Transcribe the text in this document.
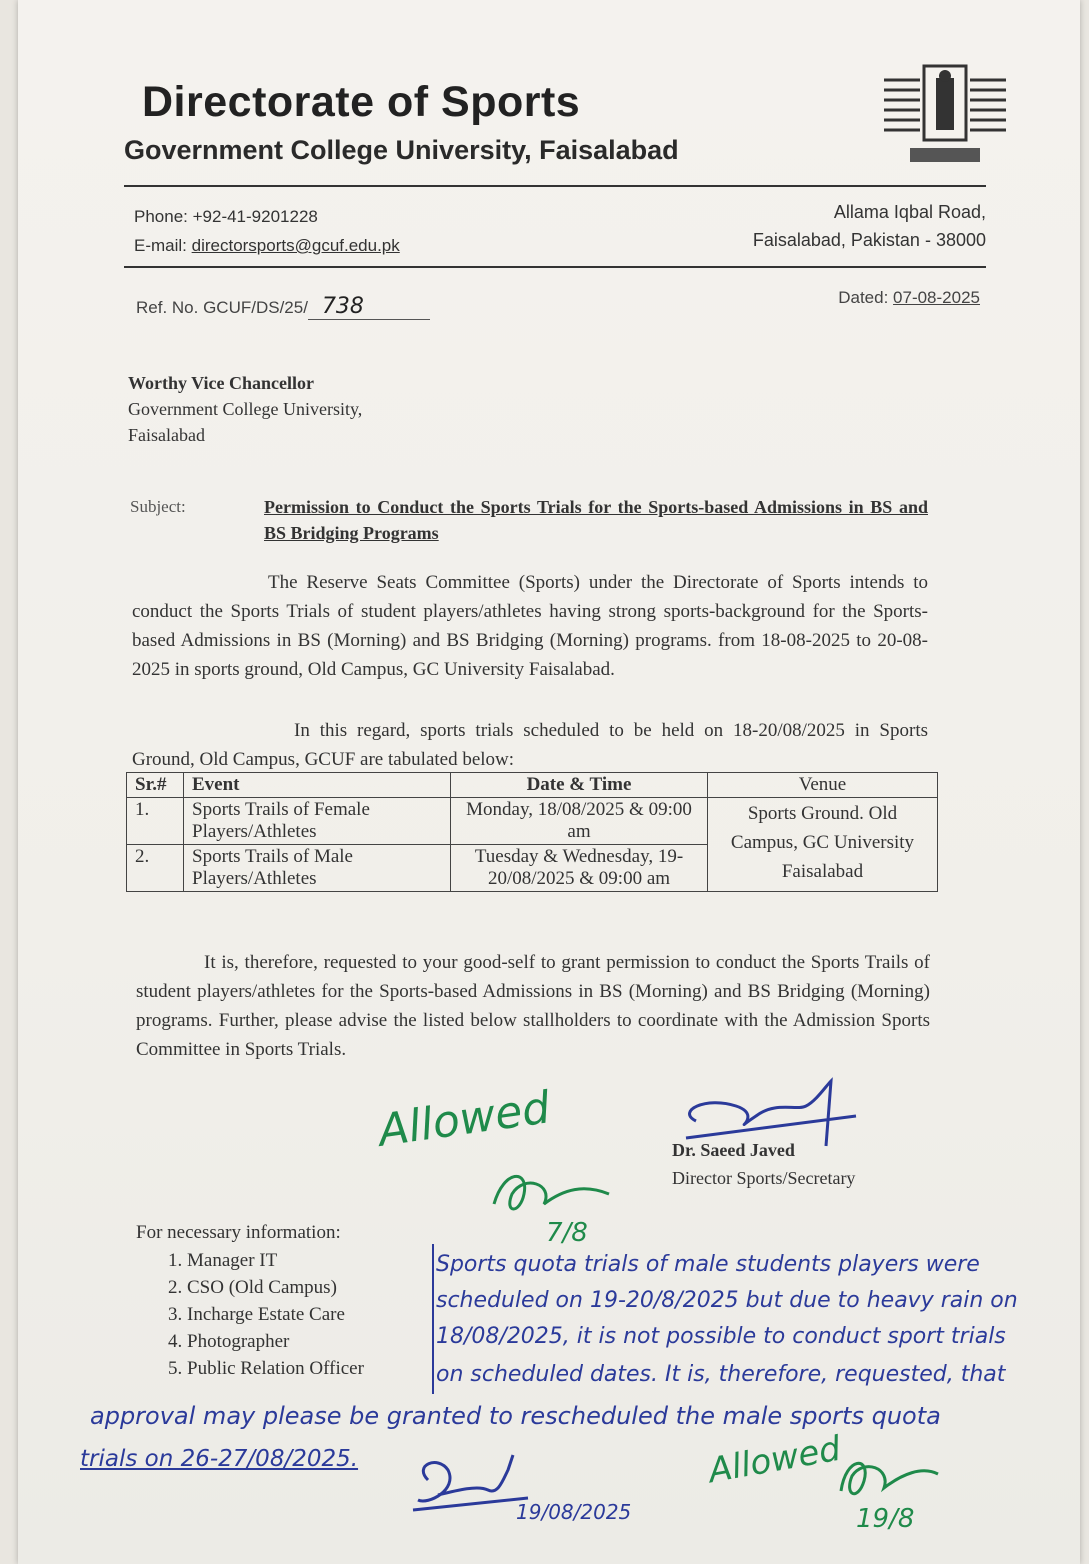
Directorate of Sports
Government College University, Faisalabad
Phone: +92-41-9201228
E-mail: directorsports@gcuf.edu.pk
Allama Iqbal Road,
Faisalabad, Pakistan - 38000
Ref. No. GCUF/DS/25/ 738	Dated: 07-08-2025
Worthy Vice Chancellor
Government College University,
Faisalabad
Subject:	Permission to Conduct the Sports Trials for the Sports-based Admissions in BS and BS Bridging Programs
The Reserve Seats Committee (Sports) under the Directorate of Sports intends to conduct the Sports Trials of student players/athletes having strong sports-background for the Sports-based Admissions in BS (Morning) and BS Bridging (Morning) programs. from 18-08-2025 to 20-08-2025 in sports ground, Old Campus, GC University Faisalabad.
In this regard, sports trials scheduled to be held on 18-20/08/2025 in Sports Ground, Old Campus, GCUF are tabulated below:
Sr.#	Event	Date & Time	Venue
1.	Sports Trails of Female Players/Athletes	Monday, 18/08/2025 & 09:00 am	Sports Ground. Old Campus, GC University Faisalabad
2.	Sports Trails of Male Players/Athletes	Tuesday & Wednesday, 19-20/08/2025 & 09:00 am	
It is, therefore, requested to your good-self to grant permission to conduct the Sports Trails of student players/athletes for the Sports-based Admissions in BS (Morning) and BS Bridging (Morning) programs. Further, please advise the listed below stallholders to coordinate with the Admission Sports Committee in Sports Trials.
Allowed
7/8
Dr. Saeed Javed
Director Sports/Secretary
For necessary information:
1. Manager IT
2. CSO (Old Campus)
3. Incharge Estate Care
4. Photographer
5. Public Relation Officer
Sports quota trials of male students players were
scheduled on 19-20/8/2025 but due to heavy rain on
18/08/2025, it is not possible to conduct sport trials
on scheduled dates. It is, therefore, requested, that
approval may please be granted to rescheduled the male sports quota
trials on 26-27/08/2025.
19/08/2025
Allowed
19/8
